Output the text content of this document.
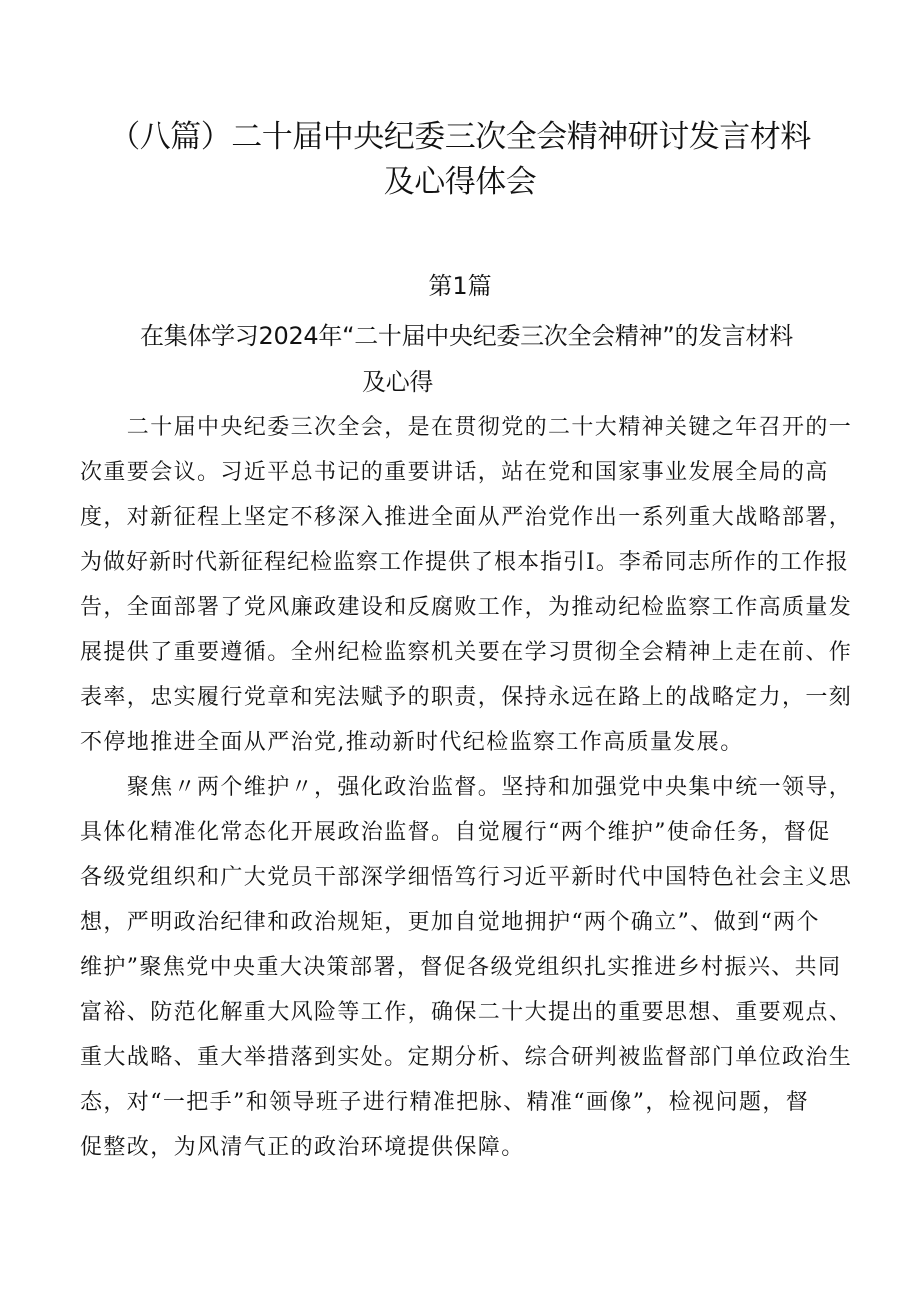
（八篇）二十届中央纪委三次全会精神研讨发言材料
及心得体会
第1篇
在集体学习2024年“二十届中央纪委三次全会精神”的发言材料
及心得
　　二十届中央纪委三次全会，是在贯彻党的二十大精神关键之年召开的一
次重要会议。习近平总书记的重要讲话，站在党和国家事业发展全局的高
度，对新征程上坚定不移深入推进全面从严治党作出一系列重大战略部署，
为做好新时代新征程纪检监察工作提供了根本指引I。李希同志所作的工作报
告，全面部署了党风廉政建设和反腐败工作，为推动纪检监察工作高质量发
展提供了重要遵循。全州纪检监察机关要在学习贯彻全会精神上走在前、作
表率，忠实履行党章和宪法赋予的职责，保持永远在路上的战略定力，一刻
不停地推进全面从严治党,推动新时代纪检监察工作高质量发展。
　　聚焦〃两个维护〃，强化政治监督。坚持和加强党中央集中统一领导，
具体化精准化常态化开展政治监督。自觉履行“两个维护”使命任务，督促
各级党组织和广大党员干部深学细悟笃行习近平新时代中国特色社会主义思
想，严明政治纪律和政治规矩，更加自觉地拥护“两个确立”、做到“两个
维护”聚焦党中央重大决策部署，督促各级党组织扎实推进乡村振兴、共同
富裕、防范化解重大风险等工作，确保二十大提出的重要思想、重要观点、
重大战略、重大举措落到实处。定期分析、综合研判被监督部门单位政治生
态，对“一把手”和领导班子进行精准把脉、精准“画像”，检视问题，督
促整改，为风清气正的政治环境提供保障。
